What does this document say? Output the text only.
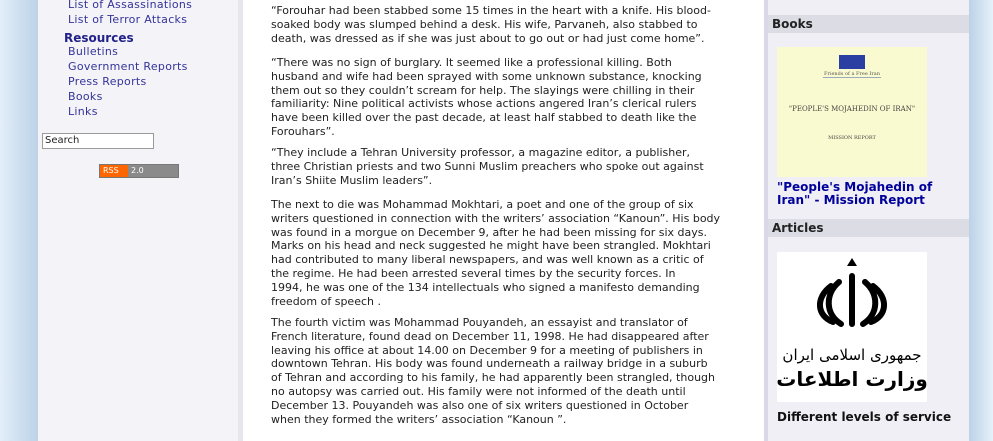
List of Assassinations
List of Terror Attacks
Resources
Bulletins
Government Reports
Press Reports
Books
Links
Search
RSS	2.0
“Forouhar had been stabbed some 15 times in the heart with a knife. His blood-
soaked body was slumped behind a desk. His wife, Parvaneh, also stabbed to
death, was dressed as if she was just about to go out or had just come home”.
“There was no sign of burglary. It seemed like a professional killing. Both
husband and wife had been sprayed with some unknown substance, knocking
them out so they couldn’t scream for help. The slayings were chilling in their
familiarity: Nine political activists whose actions angered Iran’s clerical rulers
have been killed over the past decade, at least half stabbed to death like the
Forouhars”.
“They include a Tehran University professor, a magazine editor, a publisher,
three Christian priests and two Sunni Muslim preachers who spoke out against
Iran’s Shiite Muslim leaders”.
The next to die was Mohammad Mokhtari, a poet and one of the group of six
writers questioned in connection with the writers’ association “Kanoun”. His body
was found in a morgue on December 9, after he had been missing for six days.
Marks on his head and neck suggested he might have been strangled. Mokhtari
had contributed to many liberal newspapers, and was well known as a critic of
the regime. He had been arrested several times by the security forces. In
1994, he was one of the 134 intellectuals who signed a manifesto demanding
freedom of speech .
The fourth victim was Mohammad Pouyandeh, an essayist and translator of
French literature, found dead on December 11, 1998. He had disappeared after
leaving his office at about 14.00 on December 9 for a meeting of publishers in
downtown Tehran. His body was found underneath a railway bridge in a suburb
of Tehran and according to his family, he had apparently been strangled, though
no autopsy was carried out. His family were not informed of the death until
December 13. Pouyandeh was also one of six writers questioned in October
when they formed the writers’ association “Kanoun ”.
Books
Friends of a Free Iran
"PEOPLE'S MOJAHEDIN OF IRAN"
MISSION REPORT
"People's Mojahedin of Iran" - Mission Report
Articles
جمهوری اسلامی ایران
وزارت اطلاعات
Different levels of service
